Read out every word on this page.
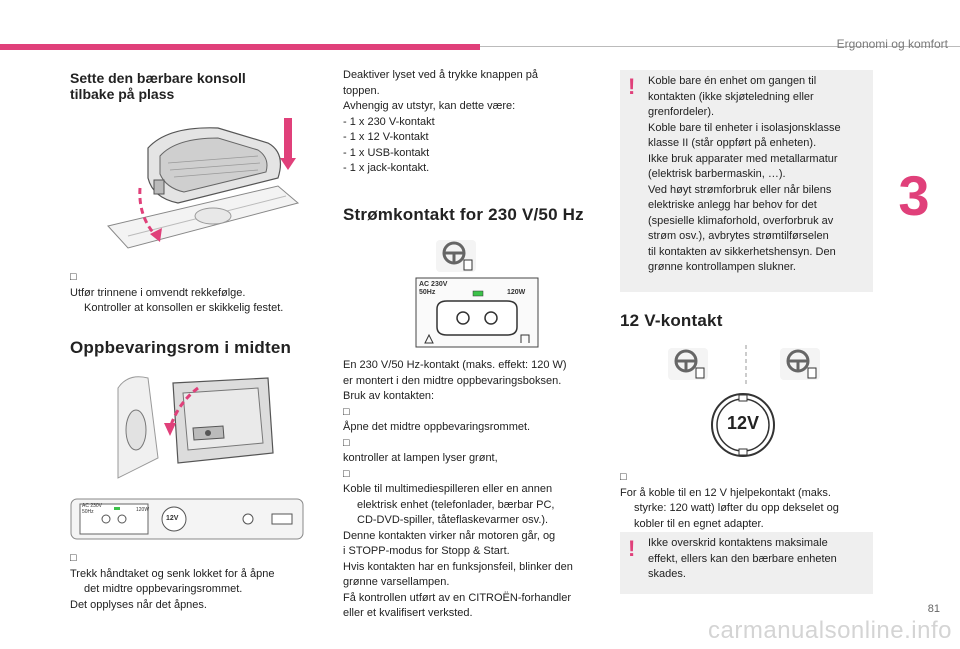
Ergonomi og komfort
3
Sette den bærbare konsoll
tilbake på plass
□
Utfør trinnene i omvendt rekkefølge.
Kontroller at konsollen er skikkelig festet.
Oppbevaringsrom i midten
AC 230V
50Hz	120W
12V
□
Trekk håndtaket og senk lokket for å åpne
det midtre oppbevaringsrommet.
Det opplyses når det åpnes.
Deaktiver lyset ved å trykke knappen på
toppen.
Avhengig av utstyr, kan dette være:
- 1 x 230 V-kontakt
- 1 x 12 V-kontakt
- 1 x USB-kontakt
- 1 x jack-kontakt.
Strømkontakt for 230 V/50 Hz
AC 230V
50Hz	120W
En 230 V/50 Hz-kontakt (maks. effekt: 120 W)
er montert i den midtre oppbevaringsboksen.
Bruk av kontakten:
□
Åpne det midtre oppbevaringsrommet.
□
kontroller at lampen lyser grønt,
□
Koble til multimediespilleren eller en annen
elektrisk enhet (telefonlader, bærbar PC,
CD-DVD-spiller, tåteflaskevarmer osv.).
Denne kontakten virker når motoren går, og
i STOPP-modus for Stopp & Start.
Hvis kontakten har en funksjonsfeil, blinker den
grønne varsellampen.
Få kontrollen utført av en CITROËN-forhandler
eller et kvalifisert verksted.
! Koble bare én enhet om gangen til
kontakten (ikke skjøteledning eller
grenfordeler).
Koble bare til enheter i isolasjonsklasse
klasse II (står oppført på enheten).
Ikke bruk apparater med metallarmatur
(elektrisk barbermaskin, …).
Ved høyt strømforbruk eller når bilens
elektriske anlegg har behov for det
(spesielle klimaforhold, overforbruk av
strøm osv.), avbrytes strømtilførselen
til kontakten av sikkerhetshensyn. Den
grønne kontrollampen slukner.
12 V-kontakt
12V
□
For å koble til en 12 V hjelpekontakt (maks.
styrke: 120 watt) løfter du opp dekselet og
kobler til en egnet adapter.
! Ikke overskrid kontaktens maksimale
effekt, ellers kan den bærbare enheten
skades.
81
carmanualsonline.info
